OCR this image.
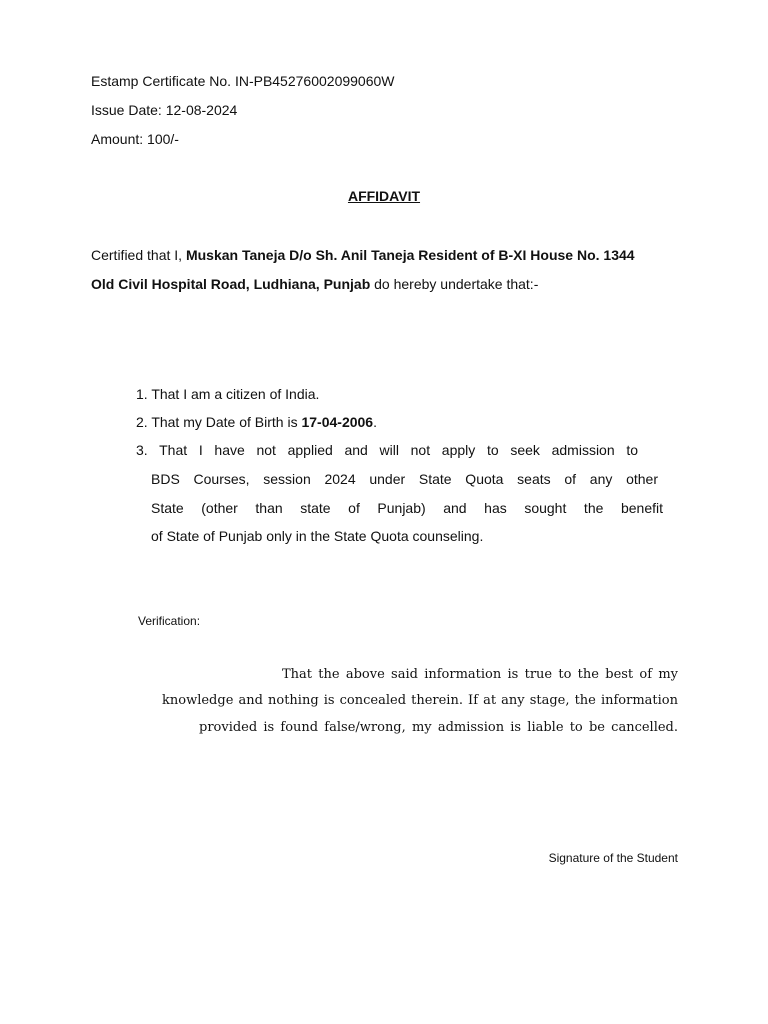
Estamp Certificate No. IN-PB45276002099060W
Issue Date: 12-08-2024
Amount: 100/-
AFFIDAVIT
Certified that I, Muskan Taneja D/o Sh. Anil Taneja Resident of B-XI House No. 1344
Old Civil Hospital Road, Ludhiana, Punjab do hereby undertake that:-
1. That I am a citizen of India.
2. That my Date of Birth is 17-04-2006.
3. That I have not applied and will not apply to seek admission to
BDS Courses, session 2024 under State Quota seats of any other
State (other than state of Punjab) and has sought the benefit
of State of Punjab only in the State Quota counseling.
Verification:
That the above said information is true to the best of my
knowledge and nothing is concealed therein. If at any stage, the information
provided is found false/wrong, my admission is liable to be cancelled.
Signature of the Student
